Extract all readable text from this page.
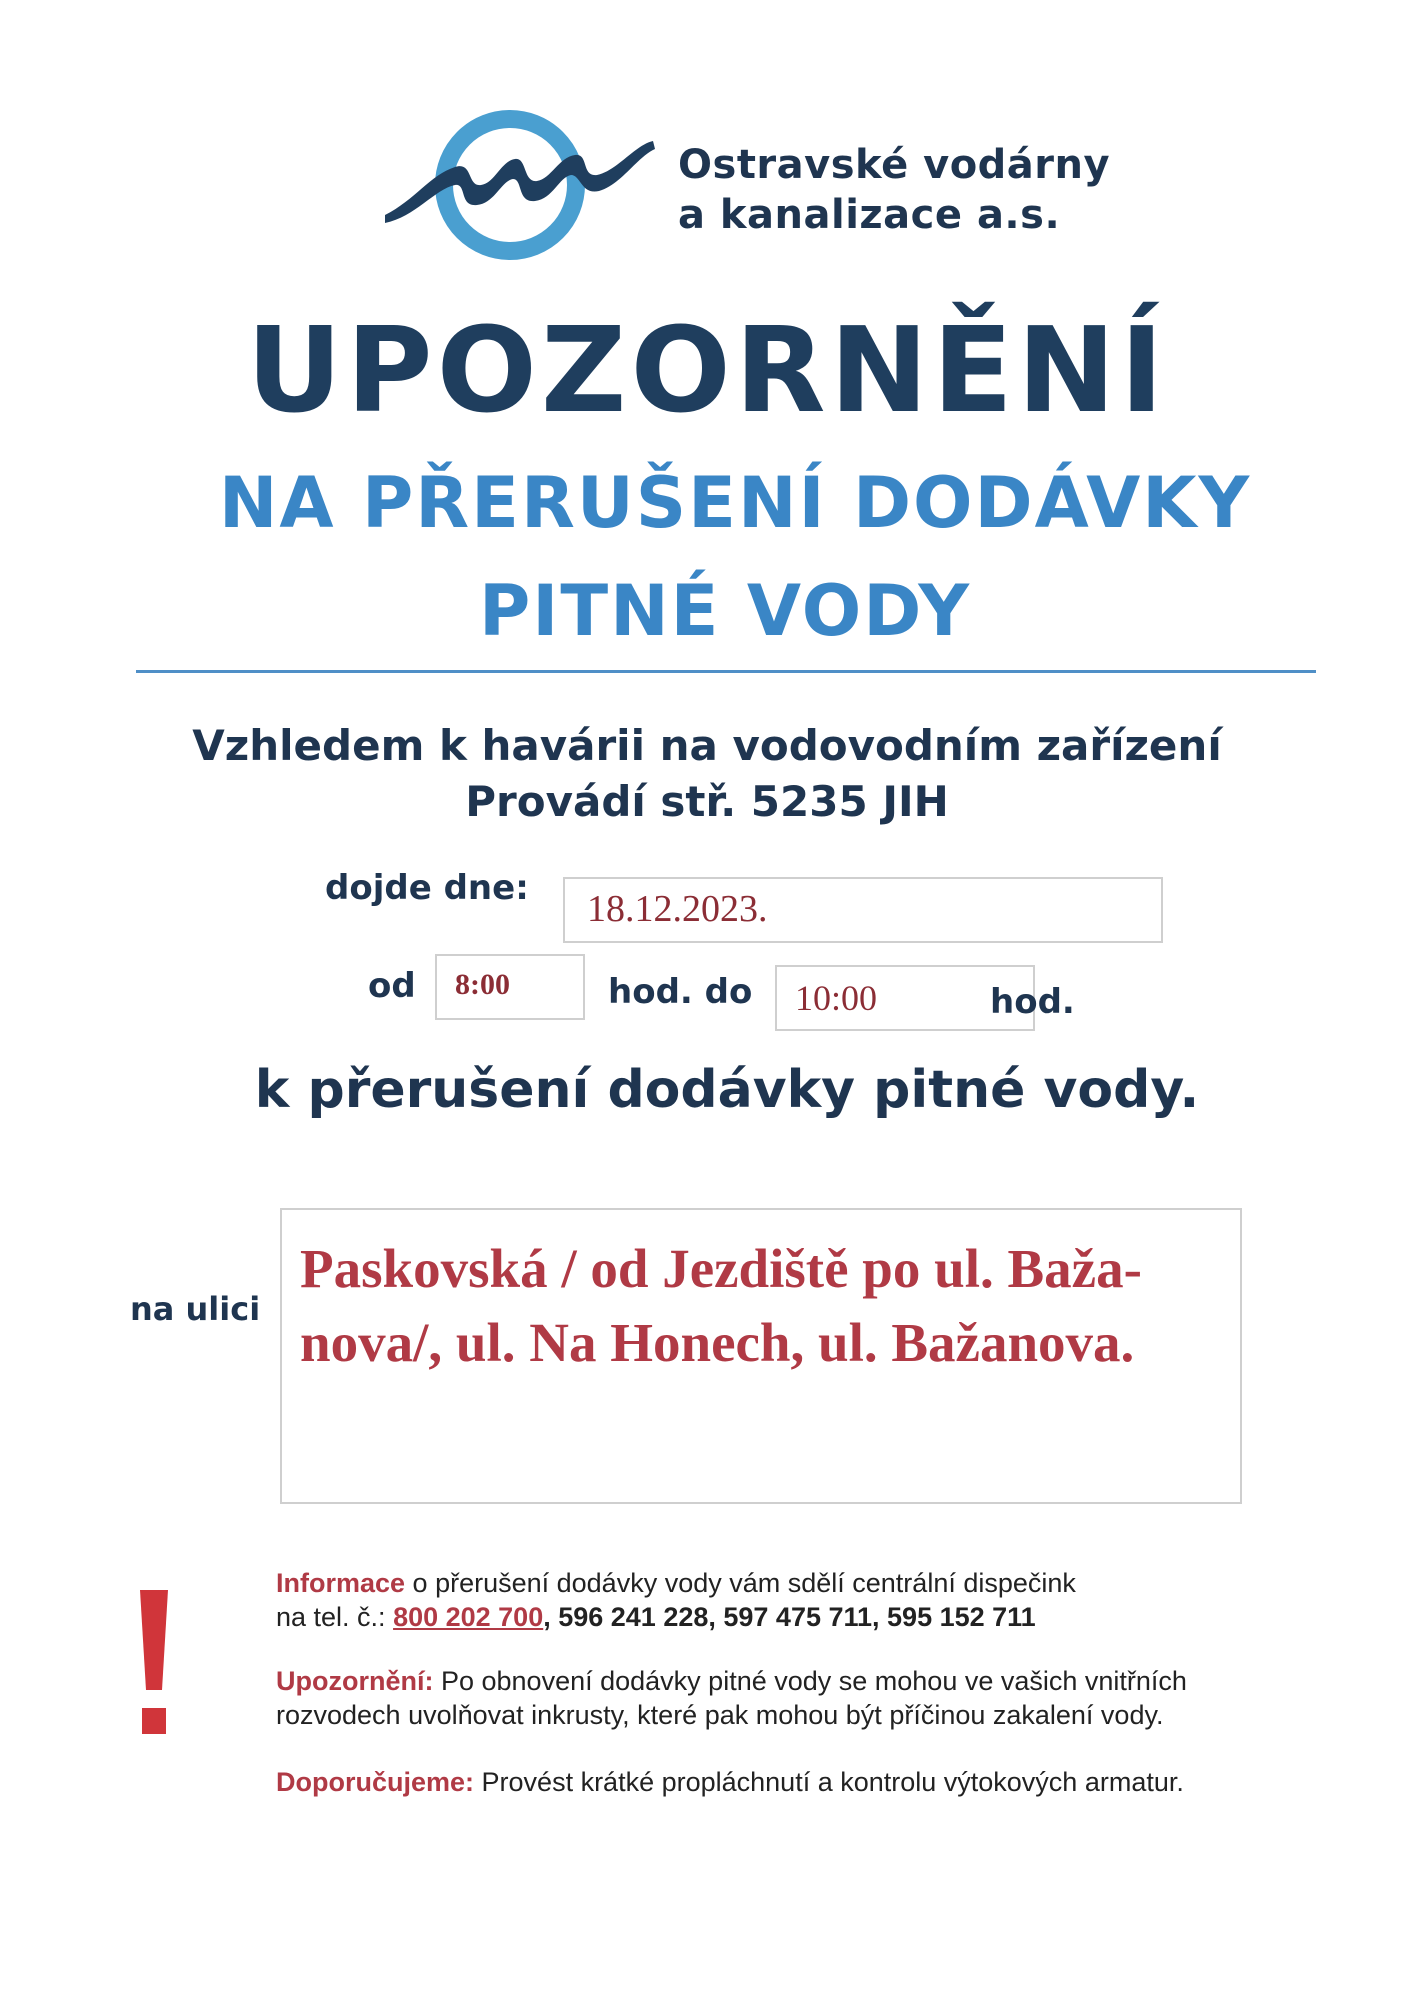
Ostravské vodárny
a kanalizace a.s.
UPOZORNĚNÍ
NA PŘERUŠENÍ DODÁVKY
PITNÉ VODY
Vzhledem k havárii na vodovodním zařízení
Provádí stř. 5235 JIH
dojde dne:	18.12.2023.
od	8:00	hod. do	10:00	hod.
k přerušení dodávky pitné vody.
na ulici
Paskovská / od Jezdiště po ul. Baža-
nova/, ul. Na Honech, ul. Bažanova.
Informace o přerušení dodávky vody vám sdělí centrální dispečink
na tel. č.: 800 202 700, 596 241 228, 597 475 711, 595 152 711
Upozornění: Po obnovení dodávky pitné vody se mohou ve vašich vnitřních
rozvodech uvolňovat inkrusty, které pak mohou být příčinou zakalení vody.
Doporučujeme: Provést krátké propláchnutí a kontrolu výtokových armatur.
